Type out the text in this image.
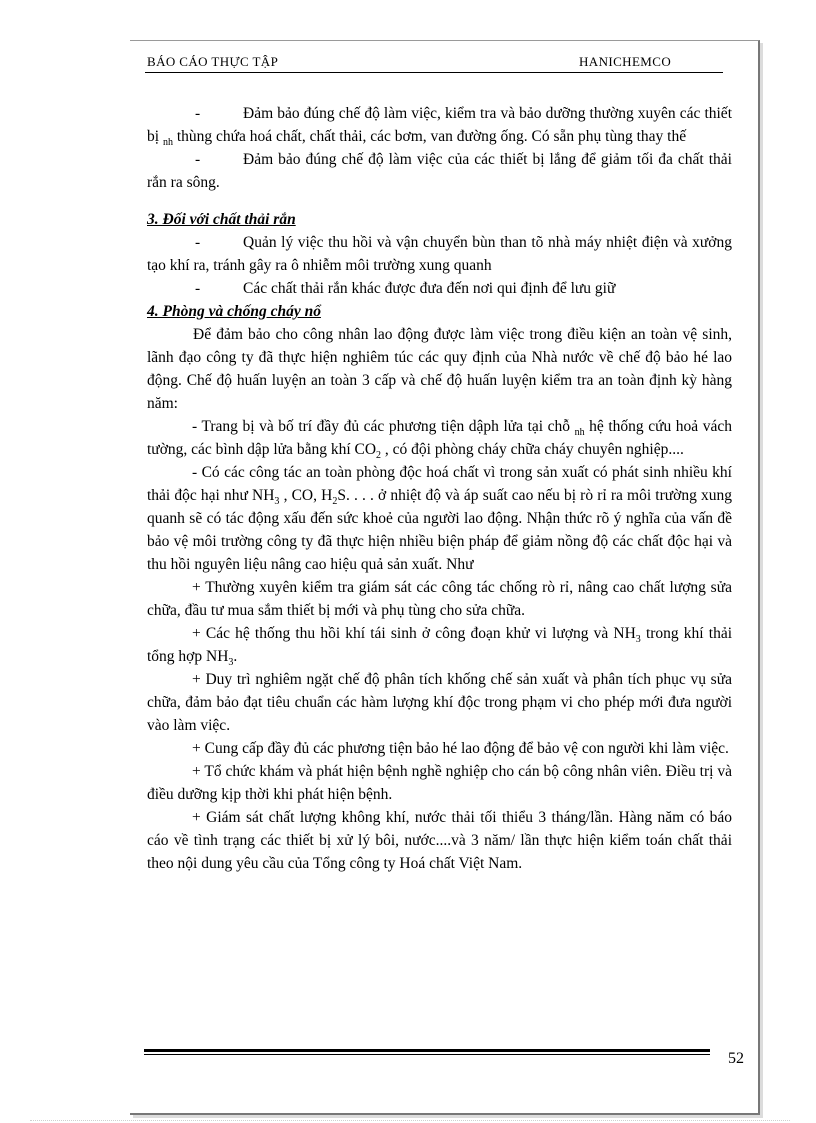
BÁO CÁO THỰC TẬP	HANICHEMCO

-	Đảm bảo đúng chế độ làm việc, kiểm tra và bảo dưỡng thường xuyên các thiết bị $_{nh}$ thùng chứa hoá chất, chất thải, các bơm, van đường ống. Có sẵn phụ tùng thay thế

-	Đảm bảo đúng chế độ làm việc của các thiết bị lắng để giảm tối đa chất thải rắn ra sông.

3. Đối với chất thải rắn

-	Quản lý việc thu hồi và vận chuyển bùn than tõ nhà máy nhiệt điện và xưởng tạo khí ra, tránh gây ra ô nhiễm môi trường xung quanh

-	Các chất thải rắn khác được đưa đến nơi qui định để lưu giữ

4. Phòng và chống cháy nổ

Để đảm bảo cho công nhân lao động được làm việc trong điều kiện an toàn vệ sinh, lãnh đạo công ty đã thực hiện nghiêm túc các quy định của Nhà nước về chế độ bảo hé lao động. Chế độ huấn luyện an toàn 3 cấp và chế độ huấn luyện kiểm tra an toàn định kỳ hàng năm:

- Trang bị và bố trí đầy đủ các phương tiện dậph lửa tại chỗ $_{nh}$ hệ thống cứu hoả vách tường, các bình dập lửa bằng khí $CO_2$ , có đội phòng cháy chữa cháy chuyên nghiệp....

- Có các công tác an toàn phòng độc hoá chất vì trong sản xuất có phát sinh nhiều khí thải độc hại như $NH_3$ , CO, $H_2S$. . . . ở nhiệt độ và áp suất cao nếu bị rò rỉ ra môi trường xung quanh sẽ có tác động xấu đến sức khoẻ của người lao động. Nhận thức rõ ý nghĩa của vấn đề bảo vệ môi trường công ty đã thực hiện nhiều biện pháp để giảm nồng độ các chất độc hại và thu hồi nguyên liệu nâng cao hiệu quả sản xuất. Như

+ Thường xuyên kiểm tra giám sát các công tác chống rò rỉ, nâng cao chất lượng sửa chữa, đầu tư mua sắm thiết bị mới và phụ tùng cho sửa chữa.

+ Các hệ thống thu hồi khí tái sinh ở công đoạn khử vi lượng và $NH_3$ trong khí thải tổng hợp $NH_3$.

+ Duy trì nghiêm ngặt chế độ phân tích khống chế sản xuất và phân tích phục vụ sửa chữa, đảm bảo đạt tiêu chuẩn các hàm lượng khí độc trong phạm vi cho phép mới đưa người vào làm việc.

+ Cung cấp đầy đủ các phương tiện bảo hé lao động để bảo vệ con người khi làm việc.

+ Tổ chức khám và phát hiện bệnh nghề nghiệp cho cán bộ công nhân viên. Điều trị và điều dưỡng kịp thời khi phát hiện bệnh.

+ Giám sát chất lượng không khí, nước thải tối thiểu 3 tháng/lần. Hàng năm có báo cáo về tình trạng các thiết bị xử lý bôi, nước....và 3 năm/ lần thực hiện kiểm toán chất thải theo nội dung yêu cầu của Tổng công ty Hoá chất Việt Nam.

52
